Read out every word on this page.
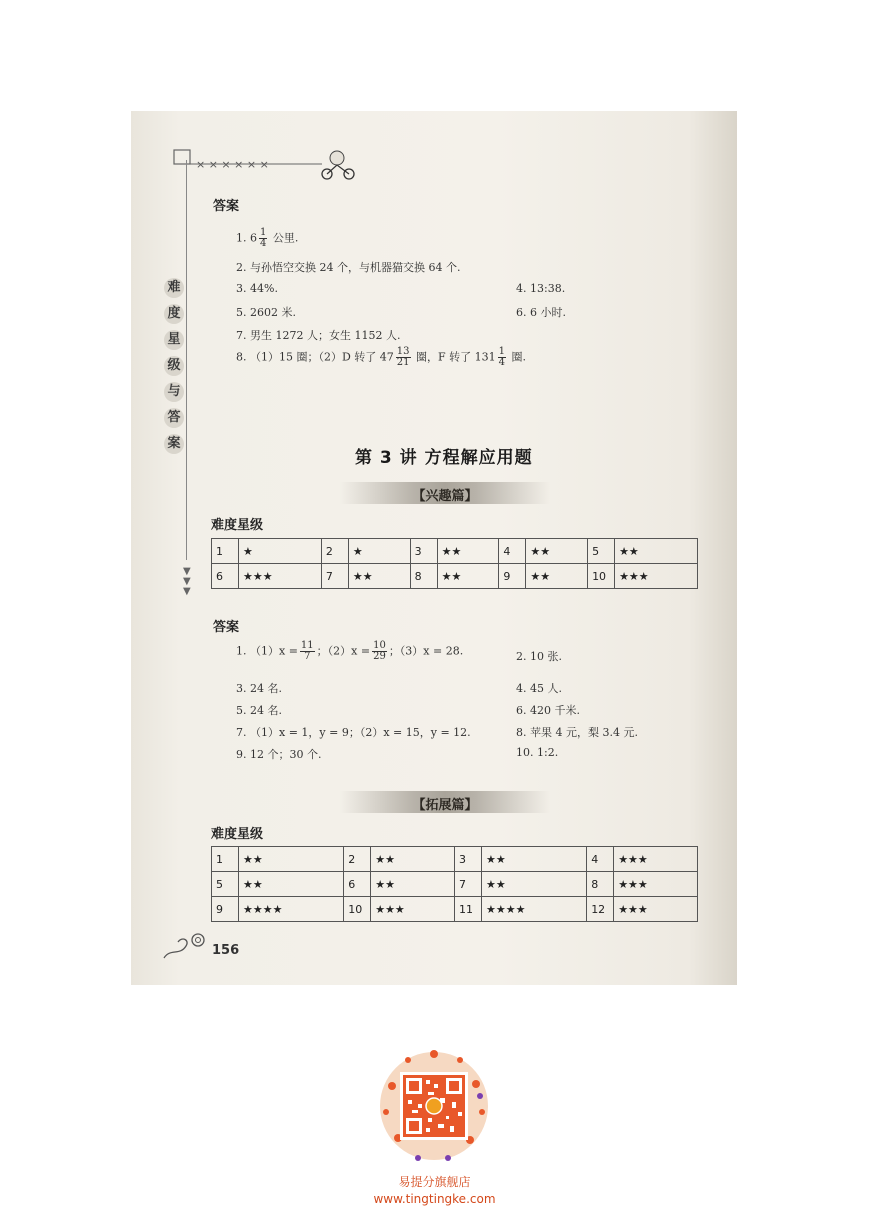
× × × × × ×
难
度
星
级
与
答
案
▼
▼
▼
答案
1. $6 \frac{1}{4}$ 公里.
2. 与孙悟空交换 24 个，与机器猫交换 64 个.
3. 44%.	4. 13:38.
5. 2602 米.	6. 6 小时.
7. 男生 1272 人；女生 1152 人.
8. （1）15 圈；（2）D 转了 $47 \frac{13}{21}$ 圈，F 转了 $131 \frac{1}{4}$ 圈.
第 3 讲 方程解应用题
【兴趣篇】
难度星级
1	★	2	★	3	★★	4	★★	5	★★
6	★★★	7	★★	8	★★	9	★★	10	★★★
答案
1. $(1)x = \frac{11}{7}$ ；$(2)x = \frac{10}{29}$ ；（3）x = 28.	2. 10 张.
3. 24 名.	4. 45 人.
5. 24 名.	6. 420 千米.
7. （1）x = 1，y = 9；（2）x = 15，y = 12.	8. 苹果 4 元，梨 3.4 元.
9. 12 个；30 个.	10. 1:2.
【拓展篇】
难度星级
1	★★	2	★★	3	★★	4	★★★
5	★★	6	★★	7	★★	8	★★★
9	★★★★	10	★★★	11	★★★★	12	★★★
156
易提分旗舰店
www.tingtingke.com
